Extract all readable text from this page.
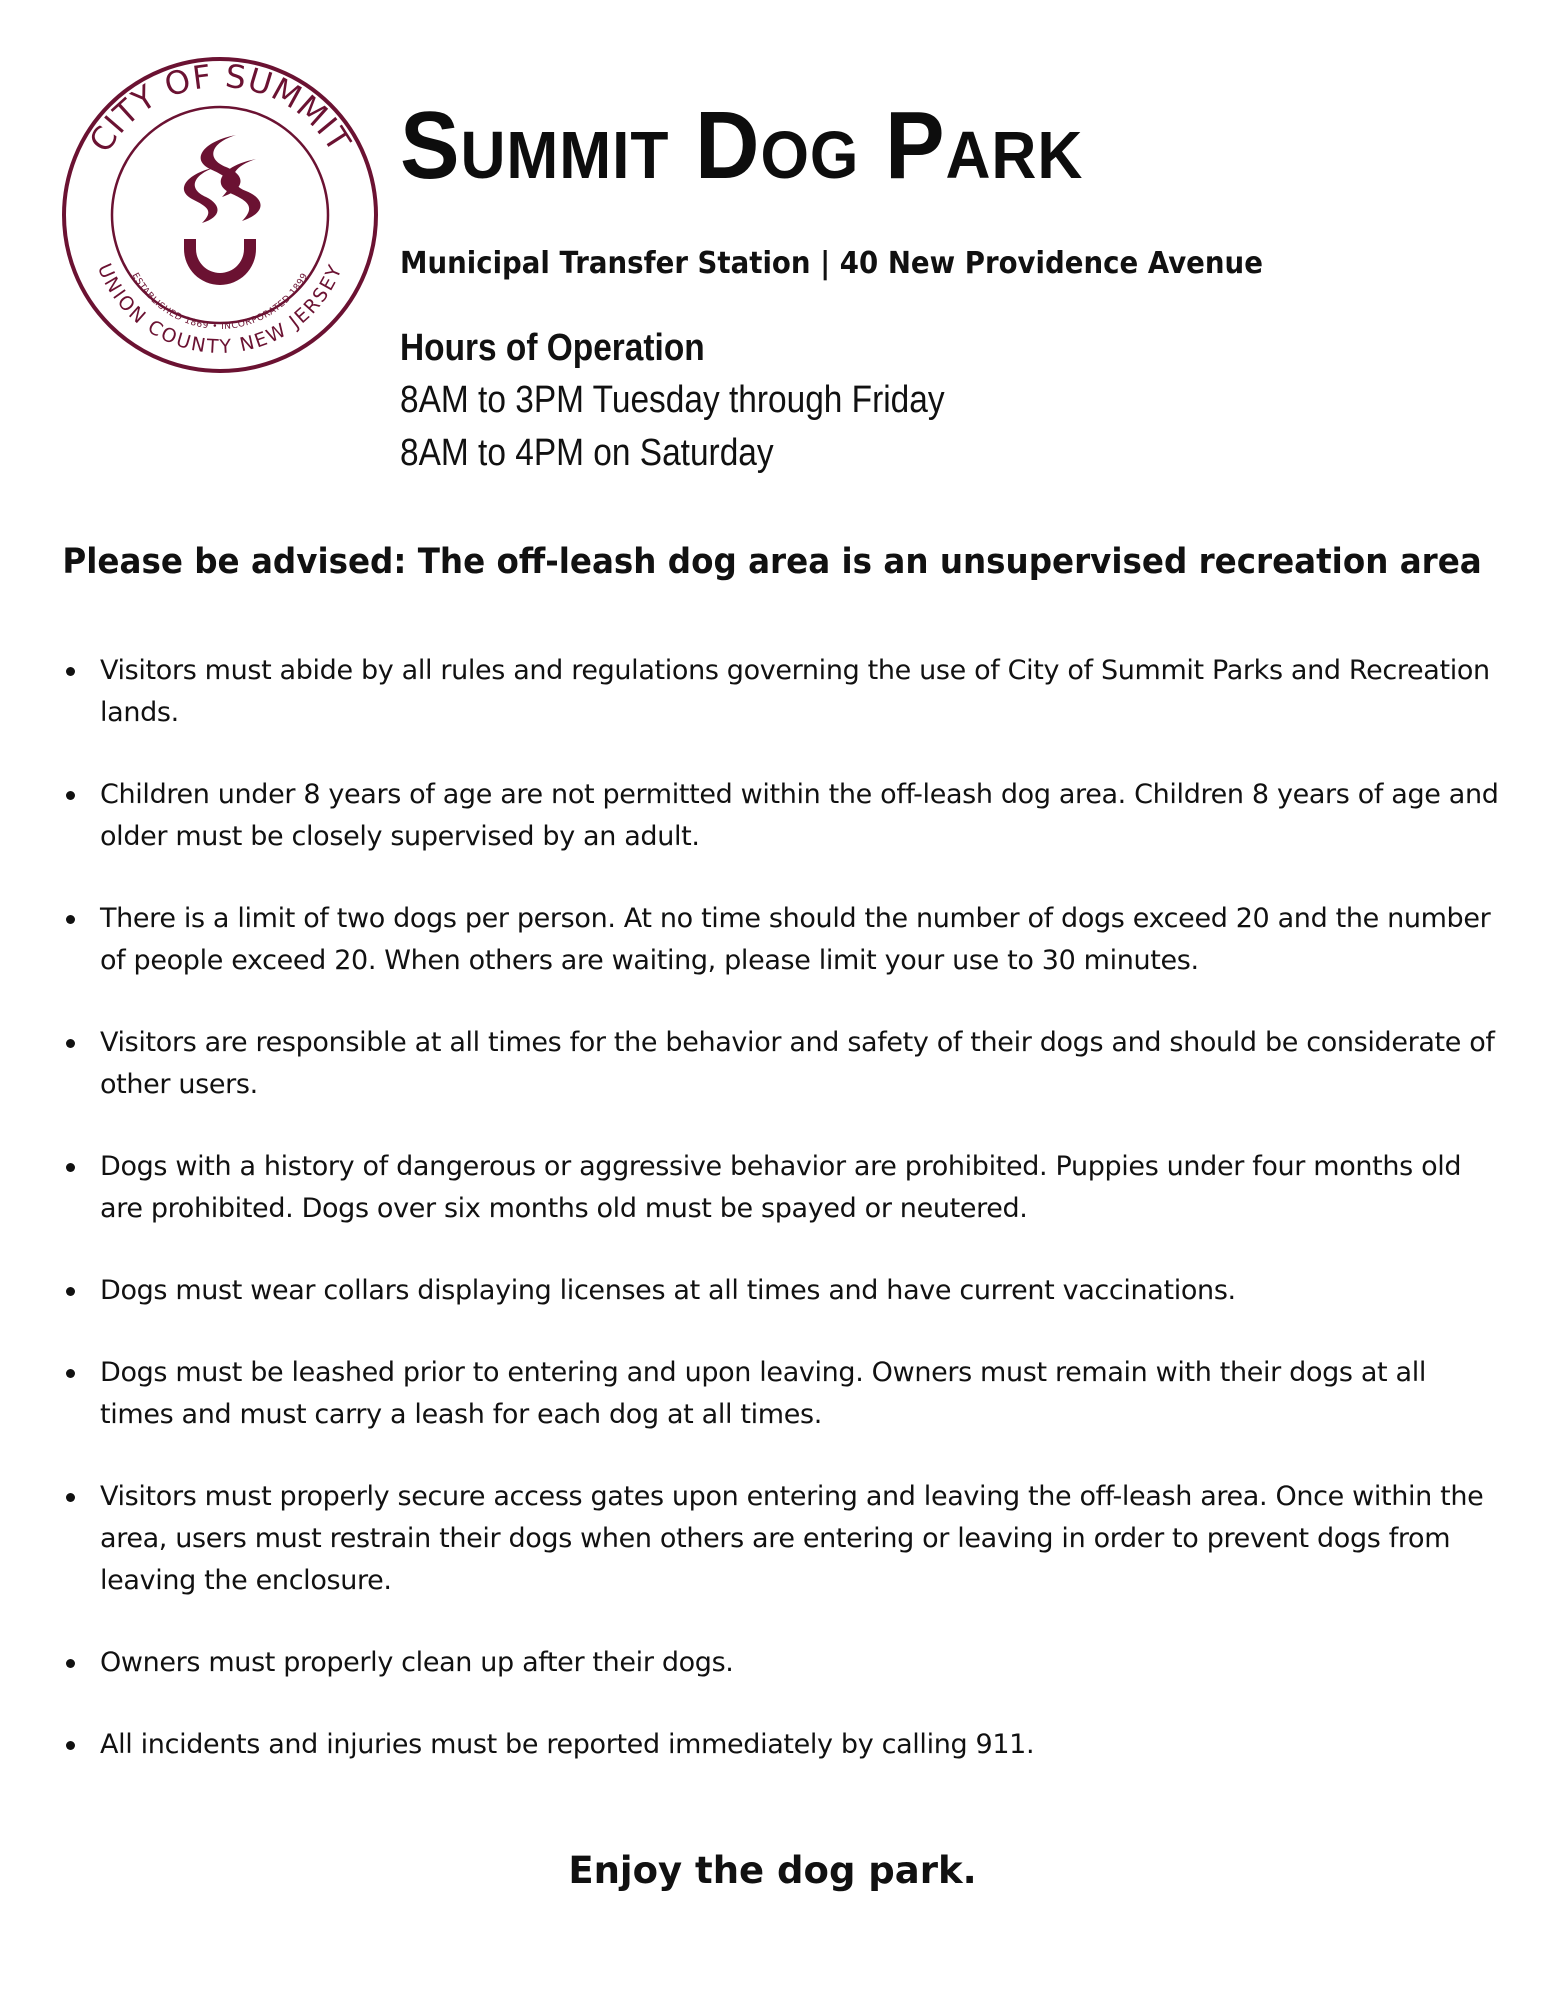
CITY OF SUMMIT
UNION COUNTY NEW JERSEY
ESTABLISHED 1869 • INCORPORATED 1899
Summit Dog Park

Municipal Transfer Station | 40 New Providence Avenue

Hours of Operation
8AM to 3PM Tuesday through Friday
8AM to 4PM on Saturday
Please be advised: The off-leash dog area is an unsupervised recreation area
Visitors must abide by all rules and regulations governing the use of City of Summit Parks and Recreation lands.
Children under 8 years of age are not permitted within the off-leash dog area. Children 8 years of age and older must be closely supervised by an adult.
There is a limit of two dogs per person. At no time should the number of dogs exceed 20 and the number of people exceed 20. When others are waiting, please limit your use to 30 minutes.
Visitors are responsible at all times for the behavior and safety of their dogs and should be considerate of other users.
Dogs with a history of dangerous or aggressive behavior are prohibited. Puppies under four months old are prohibited. Dogs over six months old must be spayed or neutered.
Dogs must wear collars displaying licenses at all times and have current vaccinations.
Dogs must be leashed prior to entering and upon leaving. Owners must remain with their dogs at all times and must carry a leash for each dog at all times.
Visitors must properly secure access gates upon entering and leaving the off-leash area. Once within the area, users must restrain their dogs when others are entering or leaving in order to prevent dogs from leaving the enclosure.
Owners must properly clean up after their dogs.
All incidents and injuries must be reported immediately by calling 911.
Enjoy the dog park.
